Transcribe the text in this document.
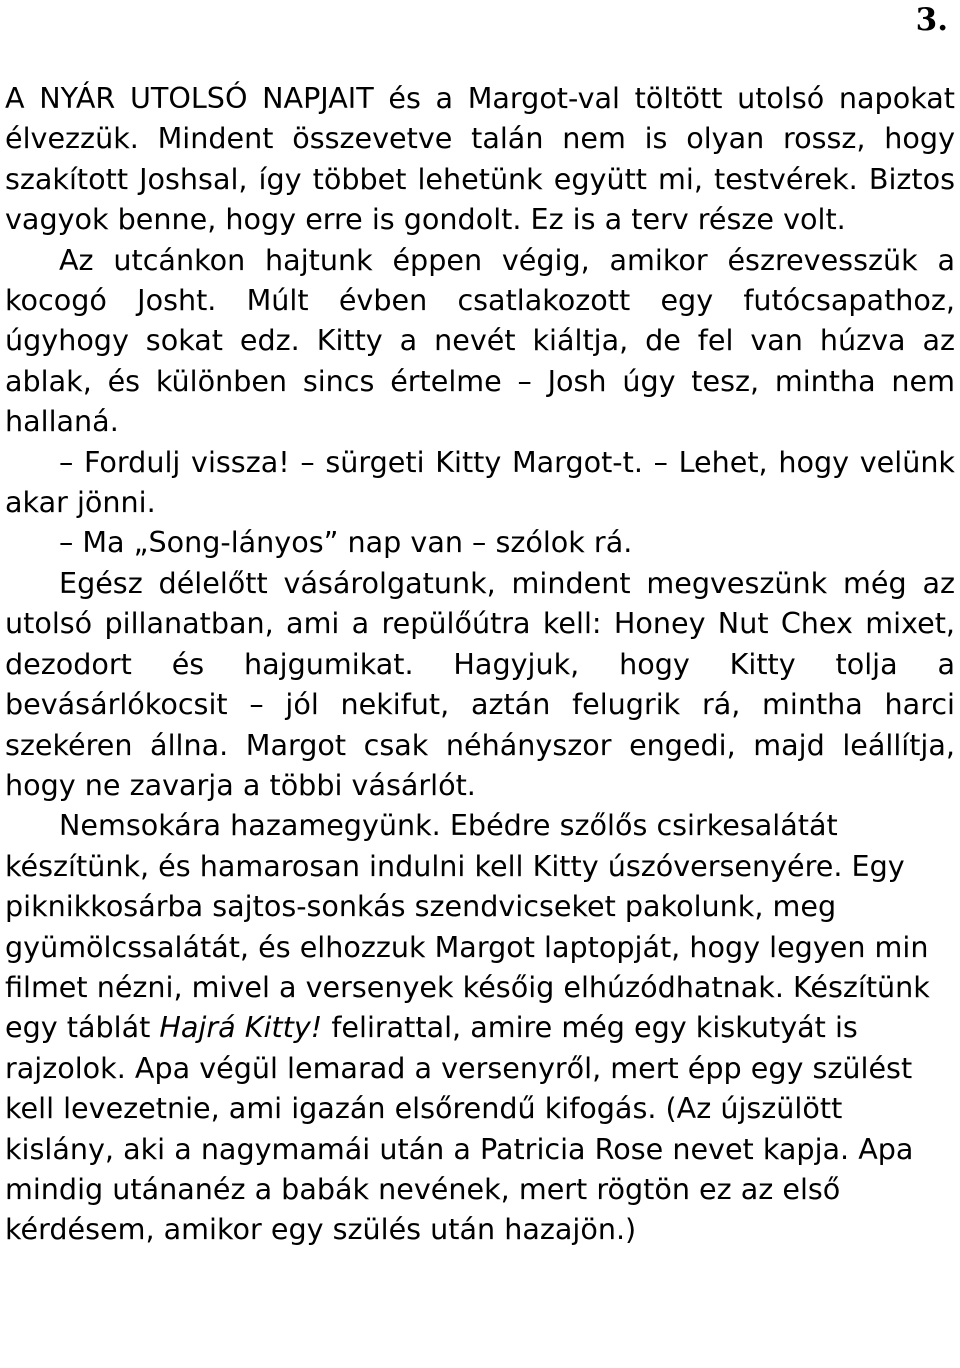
3.

A NYÁR UTOLSÓ NAPJAIT és a Margot-val töltött utolsó napokat élvezzük. Mindent összevetve talán nem is olyan rossz, hogy szakított Joshsal, így többet lehetünk együtt mi, testvérek. Biztos vagyok benne, hogy erre is gondolt. Ez is a terv része volt.

Az utcánkon hajtunk éppen végig, amikor észrevesszük a kocogó Josht. Múlt évben csatlakozott egy futócsapathoz, úgyhogy sokat edz. Kitty a nevét kiáltja, de fel van húzva az ablak, és különben sincs értelme – Josh úgy tesz, mintha nem hallaná.

– Fordulj vissza! – sürgeti Kitty Margot-t. – Lehet, hogy velünk akar jönni.

– Ma „Song-lányos” nap van – szólok rá.

Egész délelőtt vásárolgatunk, mindent megveszünk még az utolsó pillanatban, ami a repülőútra kell: Honey Nut Chex mixet, dezodort és hajgumikat. Hagyjuk, hogy Kitty tolja a bevásárlókocsit – jól nekifut, aztán felugrik rá, mintha harci szekéren állna. Margot csak néhányszor engedi, majd leállítja, hogy ne zavarja a többi vásárlót.

Nemsokára hazamegyünk. Ebédre szőlős csirkesalátát készítünk, és hamarosan indulni kell Kitty úszóversenyére. Egy piknikkosárba sajtos-sonkás szendvicseket pakolunk, meg gyümölcssalátát, és elhozzuk Margot laptopját, hogy legyen min filmet nézni, mivel a versenyek későig elhúzódhatnak. Készítünk egy táblát Hajrá Kitty! felirattal, amire még egy kiskutyát is rajzolok. Apa végül lemarad a versenyről, mert épp egy szülést kell levezetnie, ami igazán elsőrendű kifogás. (Az újszülött kislány, aki a nagymamái után a Patricia Rose nevet kapja. Apa mindig utánanéz a babák nevének, mert rögtön ez az első kérdésem, amikor egy szülés után hazajön.)
